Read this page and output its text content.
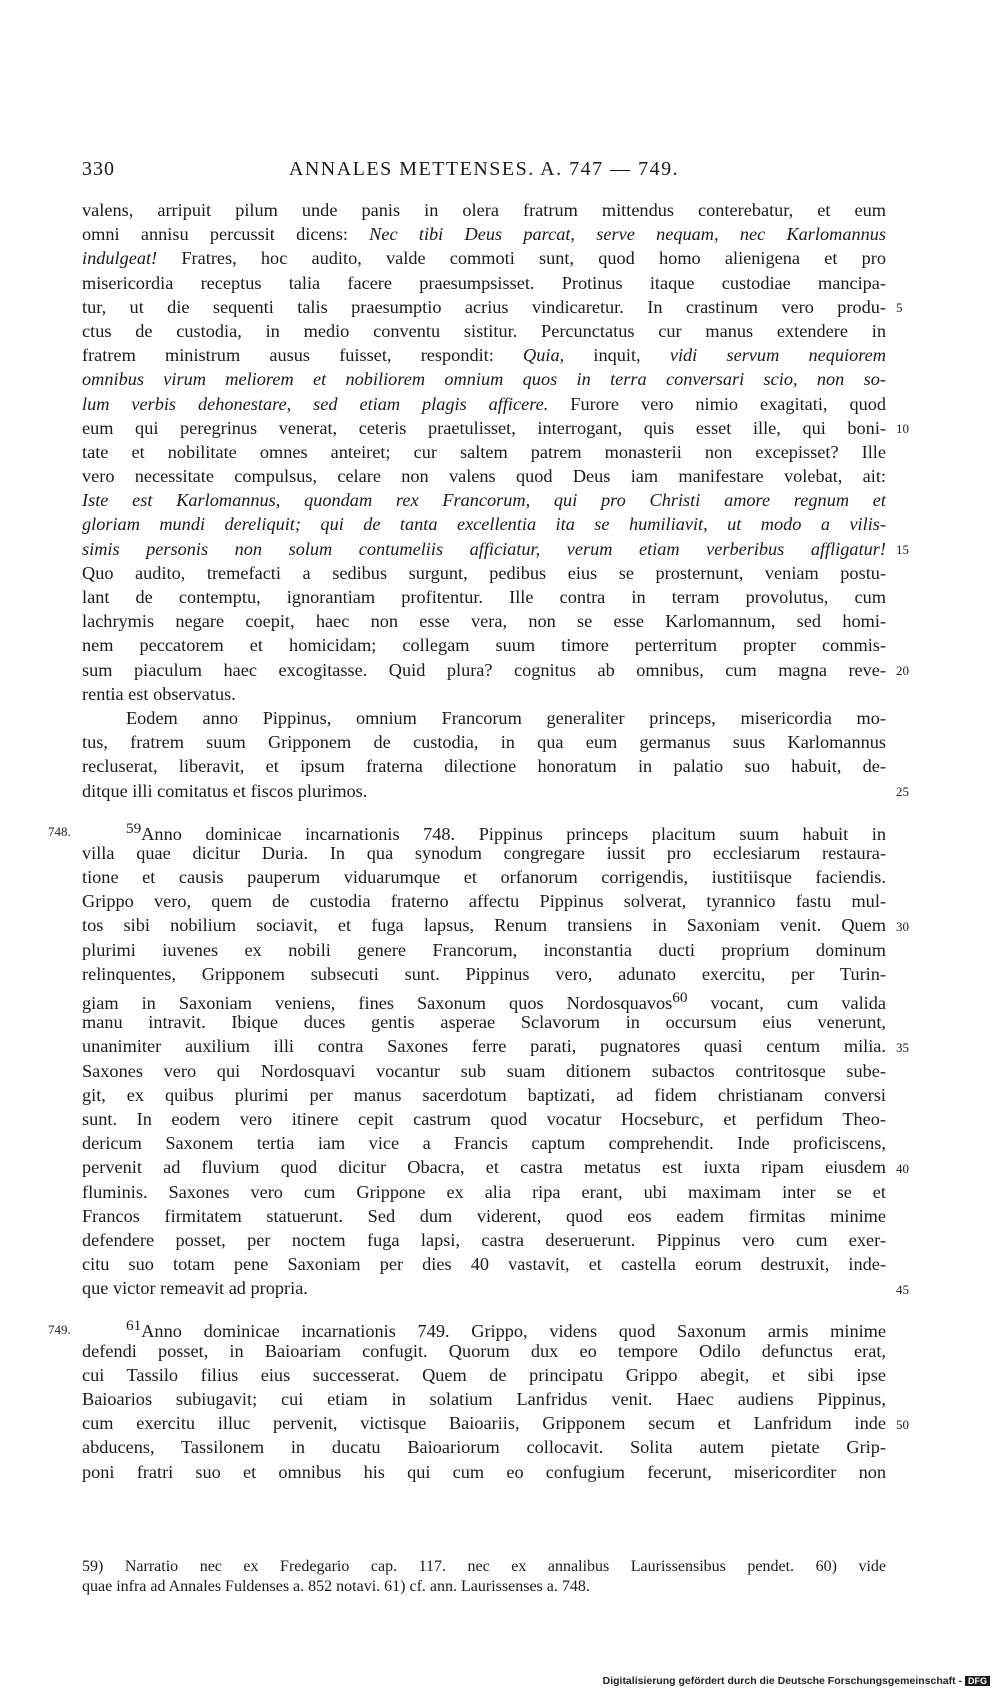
330	ANNALES METTENSES. A. 747 — 749.
valens, arripuit pilum unde panis in olera fratrum mittendus conterebatur, et eum
omni annisu percussit dicens: Nec tibi Deus parcat, serve nequam, nec Karlomannus
indulgeat! Fratres, hoc audito, valde commoti sunt, quod homo alienigena et pro
misericordia receptus talia facere praesumpsisset. Protinus itaque custodiae mancipa-
tur, ut die sequenti talis praesumptio acrius vindicaretur. In crastinum vero produ-
ctus de custodia, in medio conventu sistitur. Percunctatus cur manus extendere in
fratrem ministrum ausus fuisset, respondit: Quia, inquit, vidi servum nequiorem
omnibus virum meliorem et nobiliorem omnium quos in terra conversari scio, non so-
lum verbis dehonestare, sed etiam plagis afficere. Furore vero nimio exagitati, quod
eum qui peregrinus venerat, ceteris praetulisset, interrogant, quis esset ille, qui boni-
tate et nobilitate omnes anteiret; cur saltem patrem monasterii non excepisset? Ille
vero necessitate compulsus, celare non valens quod Deus iam manifestare volebat, ait:
Iste est Karlomannus, quondam rex Francorum, qui pro Christi amore regnum et
gloriam mundi dereliquit; qui de tanta excellentia ita se humiliavit, ut modo a vilis-
simis personis non solum contumeliis afficiatur, verum etiam verberibus affligatur!
Quo audito, tremefacti a sedibus surgunt, pedibus eius se prosternunt, veniam postu-
lant de contemptu, ignorantiam profitentur. Ille contra in terram provolutus, cum
lachrymis negare coepit, haec non esse vera, non se esse Karlomannum, sed homi-
nem peccatorem et homicidam; collegam suum timore perterritum propter commis-
sum piaculum haec excogitasse. Quid plura? cognitus ab omnibus, cum magna reve-
rentia est observatus.
Eodem anno Pippinus, omnium Francorum generaliter princeps, misericordia mo-
tus, fratrem suum Gripponem de custodia, in qua eum germanus suus Karlomannus
recluserat, liberavit, et ipsum fraterna dilectione honoratum in palatio suo habuit, de-
ditque illi comitatus et fiscos plurimos.
$^{59}$Anno dominicae incarnationis 748. Pippinus princeps placitum suum habuit in
villa quae dicitur Duria. In qua synodum congregare iussit pro ecclesiarum restaura-
tione et causis pauperum viduarumque et orfanorum corrigendis, iustitiisque faciendis.
Grippo vero, quem de custodia fraterno affectu Pippinus solverat, tyrannico fastu mul-
tos sibi nobilium sociavit, et fuga lapsus, Renum transiens in Saxoniam venit. Quem
plurimi iuvenes ex nobili genere Francorum, inconstantia ducti proprium dominum
relinquentes, Gripponem subsecuti sunt. Pippinus vero, adunato exercitu, per Turin-
giam in Saxoniam veniens, fines Saxonum quos Nordosquavos$^{60}$ vocant, cum valida
manu intravit. Ibique duces gentis asperae Sclavorum in occursum eius venerunt,
unanimiter auxilium illi contra Saxones ferre parati, pugnatores quasi centum milia.
Saxones vero qui Nordosquavi vocantur sub suam ditionem subactos contritosque sube-
git, ex quibus plurimi per manus sacerdotum baptizati, ad fidem christianam conversi
sunt. In eodem vero itinere cepit castrum quod vocatur Hocseburc, et perfidum Theo-
dericum Saxonem tertia iam vice a Francis captum comprehendit. Inde proficiscens,
pervenit ad fluvium quod dicitur Obacra, et castra metatus est iuxta ripam eiusdem
fluminis. Saxones vero cum Grippone ex alia ripa erant, ubi maximam inter se et
Francos firmitatem statuerunt. Sed dum viderent, quod eos eadem firmitas minime
defendere posset, per noctem fuga lapsi, castra deseruerunt. Pippinus vero cum exer-
citu suo totam pene Saxoniam per dies 40 vastavit, et castella eorum destruxit, inde-
que victor remeavit ad propria.
$^{61}$Anno dominicae incarnationis 749. Grippo, videns quod Saxonum armis minime
defendi posset, in Baioariam confugit. Quorum dux eo tempore Odilo defunctus erat,
cui Tassilo filius eius successerat. Quem de principatu Grippo abegit, et sibi ipse
Baioarios subiugavit; cui etiam in solatium Lanfridus venit. Haec audiens Pippinus,
cum exercitu illuc pervenit, victisque Baioariis, Gripponem secum et Lanfridum inde
abducens, Tassilonem in ducatu Baioariorum collocavit. Solita autem pietate Grip-
poni fratri suo et omnibus his qui cum eo confugium fecerunt, misericorditer non
5
10
15
20
25
30
35
40
45
50
748.
749.
59) Narratio nec ex Fredegario cap. 117. nec ex annalibus Laurissensibus pendet. 60) vide
quae infra ad Annales Fuldenses a. 852 notavi. 61) cf. ann. Laurissenses a. 748.
Digitalisierung gefördert durch die Deutsche Forschungsgemeinschaft - DFG
